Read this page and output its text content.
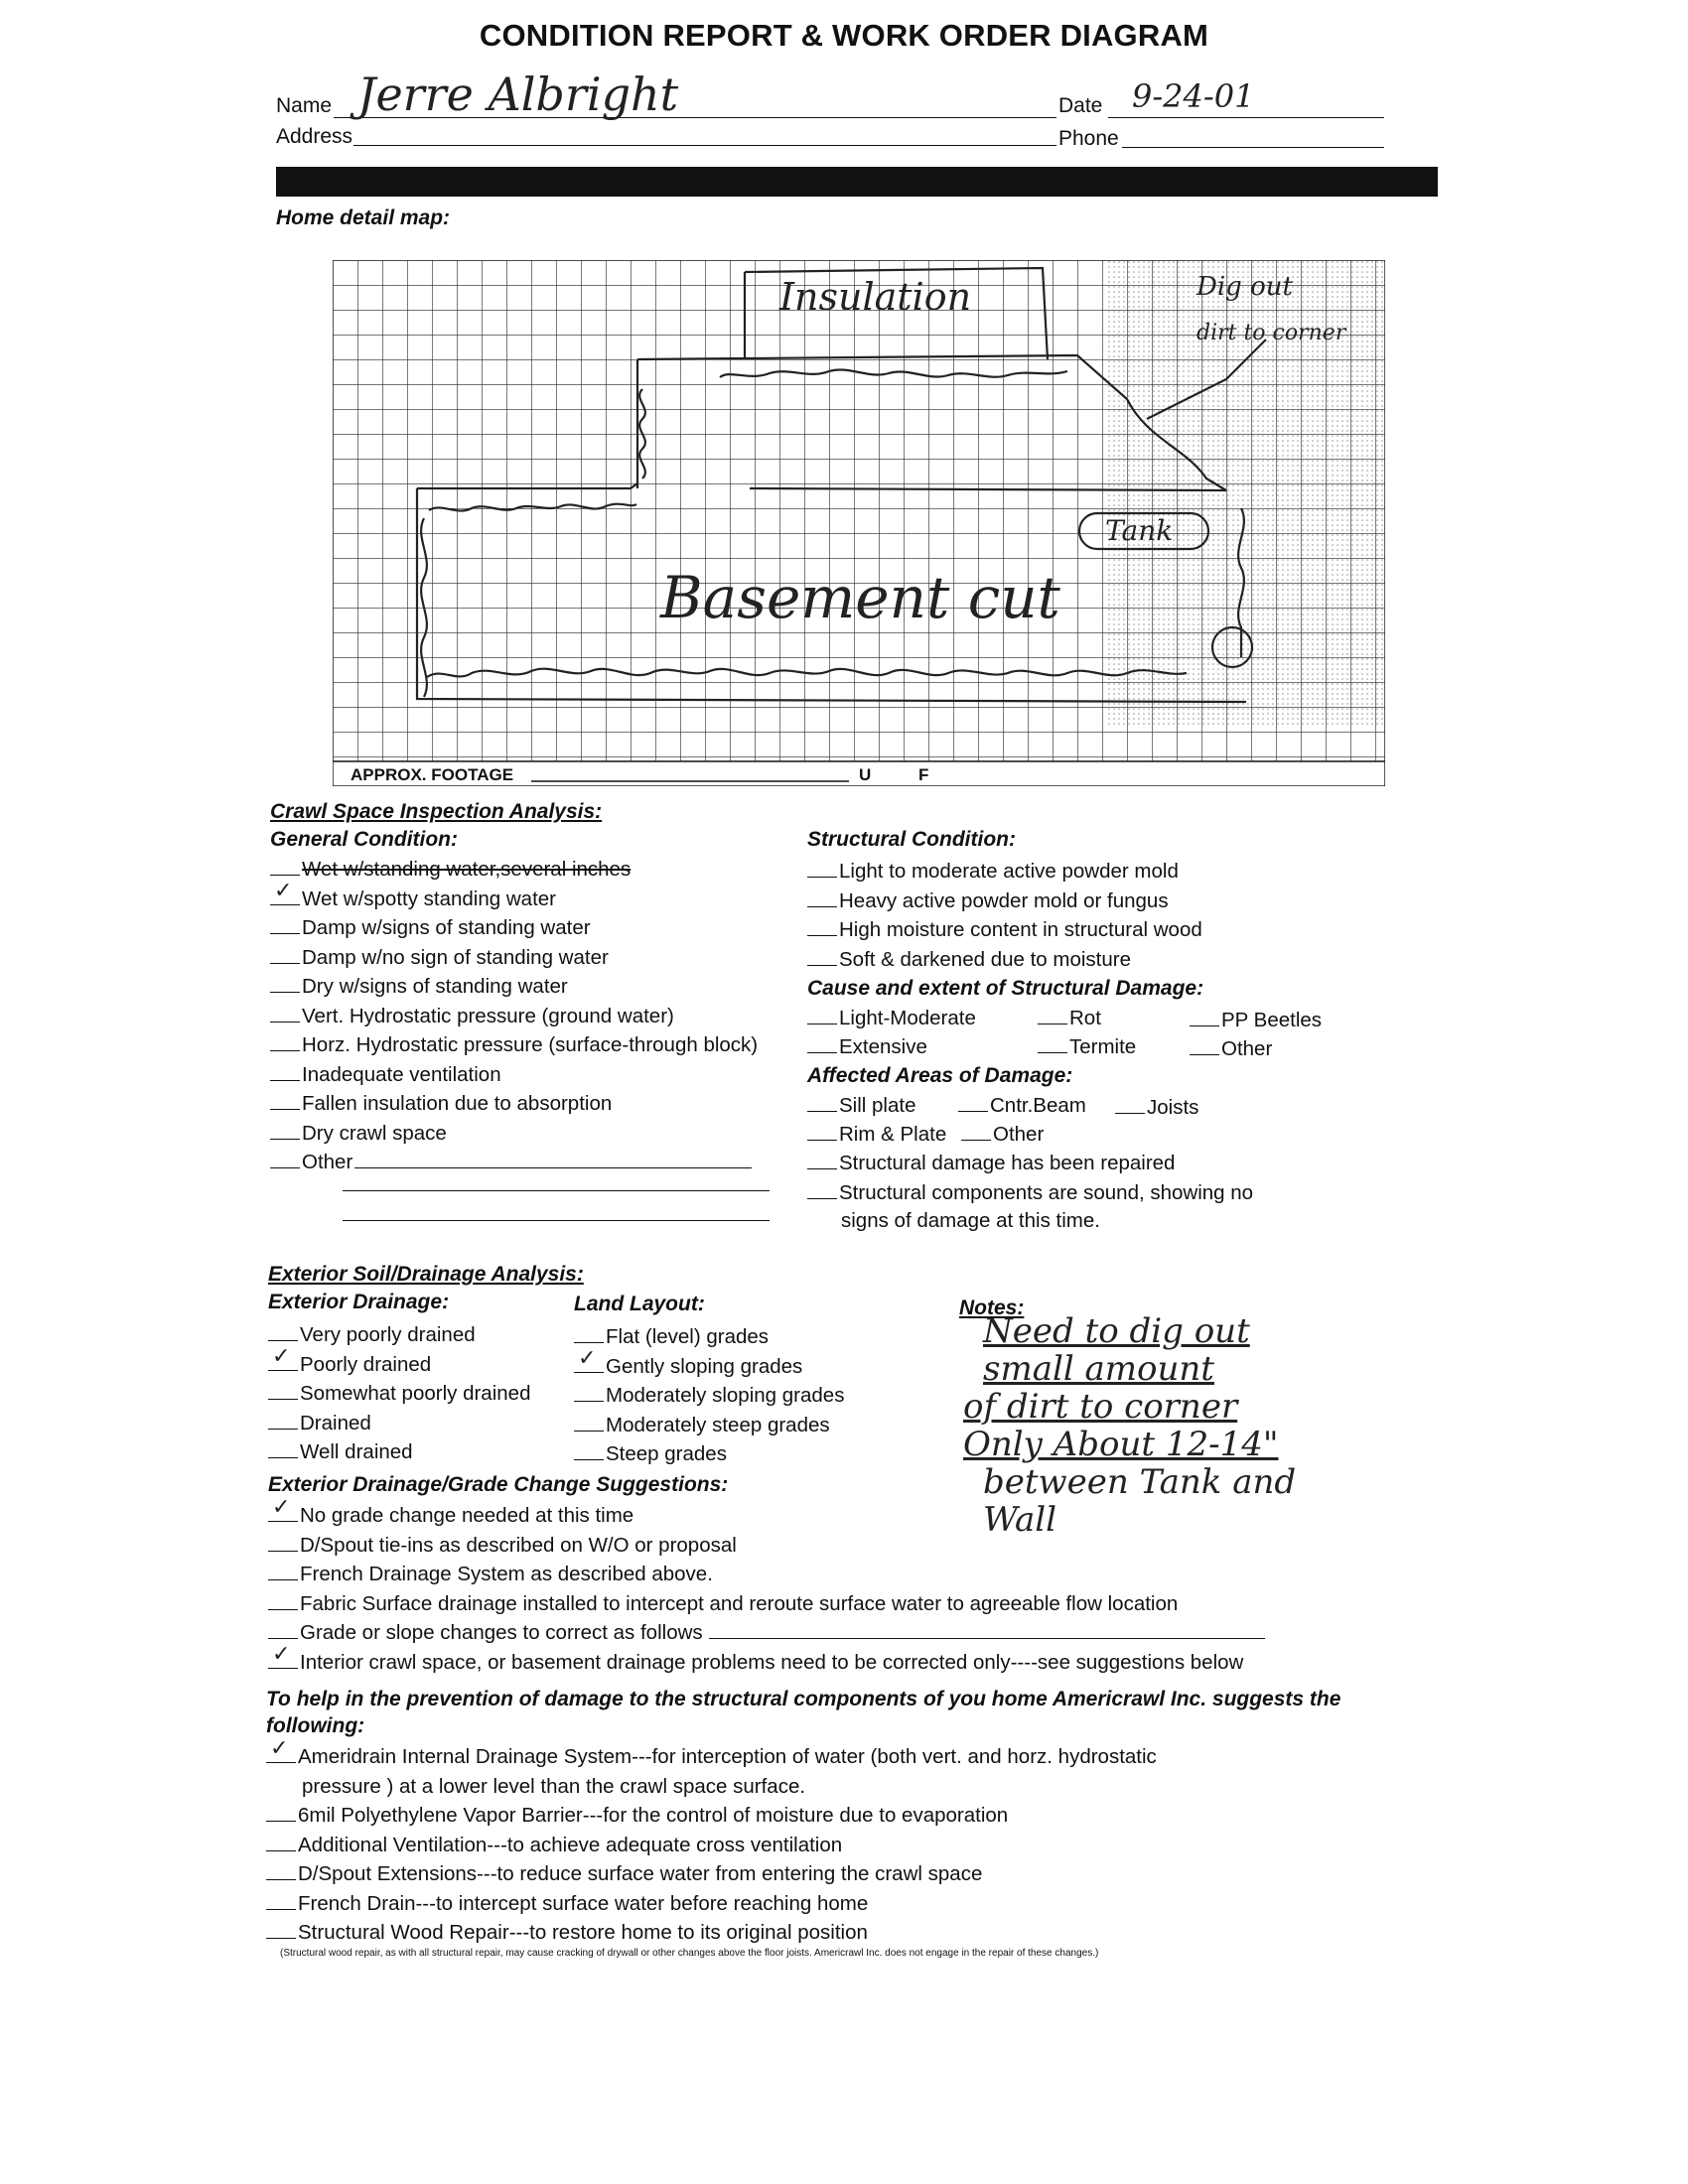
CONDITION REPORT & WORK ORDER DIAGRAM
Name Jerre Albright	Date 9-24-01
Address	Phone
Home detail map:
Insulation	Dig out
dirt to corner
Tank
Basement cut
APPROX. FOOTAGE	U	F
Crawl Space Inspection Analysis:
General Condition:
Wet w/standing water,several inches
✓ Wet w/spotty standing water
Damp w/signs of standing water
Damp w/no sign of standing water
Dry w/signs of standing water
Vert. Hydrostatic pressure (ground water)
Horz. Hydrostatic pressure (surface-through block)
Inadequate ventilation
Fallen insulation due to absorption
Dry crawl space
Other
Structural Condition:
Light to moderate active powder mold
Heavy active powder mold or fungus
High moisture content in structural wood
Soft & darkened due to moisture
Cause and extent of Structural Damage:
Light-Moderate	Rot	PP Beetles
Extensive	Termite	Other
Affected Areas of Damage:
Sill plate	Cntr.Beam	Joists
Rim & Plate	Other
Structural damage has been repaired
Structural components are sound, showing no
signs of damage at this time.
Exterior Soil/Drainage Analysis:
Exterior Drainage:
Very poorly drained
✓ Poorly drained
Somewhat poorly drained
Drained
Well drained
Land Layout:
Flat (level) grades
✓ Gently sloping grades
Moderately sloping grades
Moderately steep grades
Steep grades
Notes:
Need to dig out
small amount
of dirt to corner
Only About 12-14"
between Tank and
Wall
Exterior Drainage/Grade Change Suggestions:
✓ No grade change needed at this time
D/Spout tie-ins as described on W/O or proposal
French Drainage System as described above.
Fabric Surface drainage installed to intercept and reroute surface water to agreeable flow location
Grade or slope changes to correct as follows
✓ Interior crawl space, or basement drainage problems need to be corrected only----see suggestions below
To help in the prevention of damage to the structural components of you home Americrawl Inc. suggests the
following:
✓ Ameridrain Internal Drainage System---for interception of water (both vert. and horz. hydrostatic
pressure ) at a lower level than the crawl space surface.
6mil Polyethylene Vapor Barrier---for the control of moisture due to evaporation
Additional Ventilation---to achieve adequate cross ventilation
D/Spout Extensions---to reduce surface water from entering the crawl space
French Drain---to intercept surface water before reaching home
Structural Wood Repair---to restore home to its original position
(Structural wood repair, as with all structural repair, may cause cracking of drywall or other changes above the floor joists. Americrawl Inc. does not engage in the repair of these changes.)
